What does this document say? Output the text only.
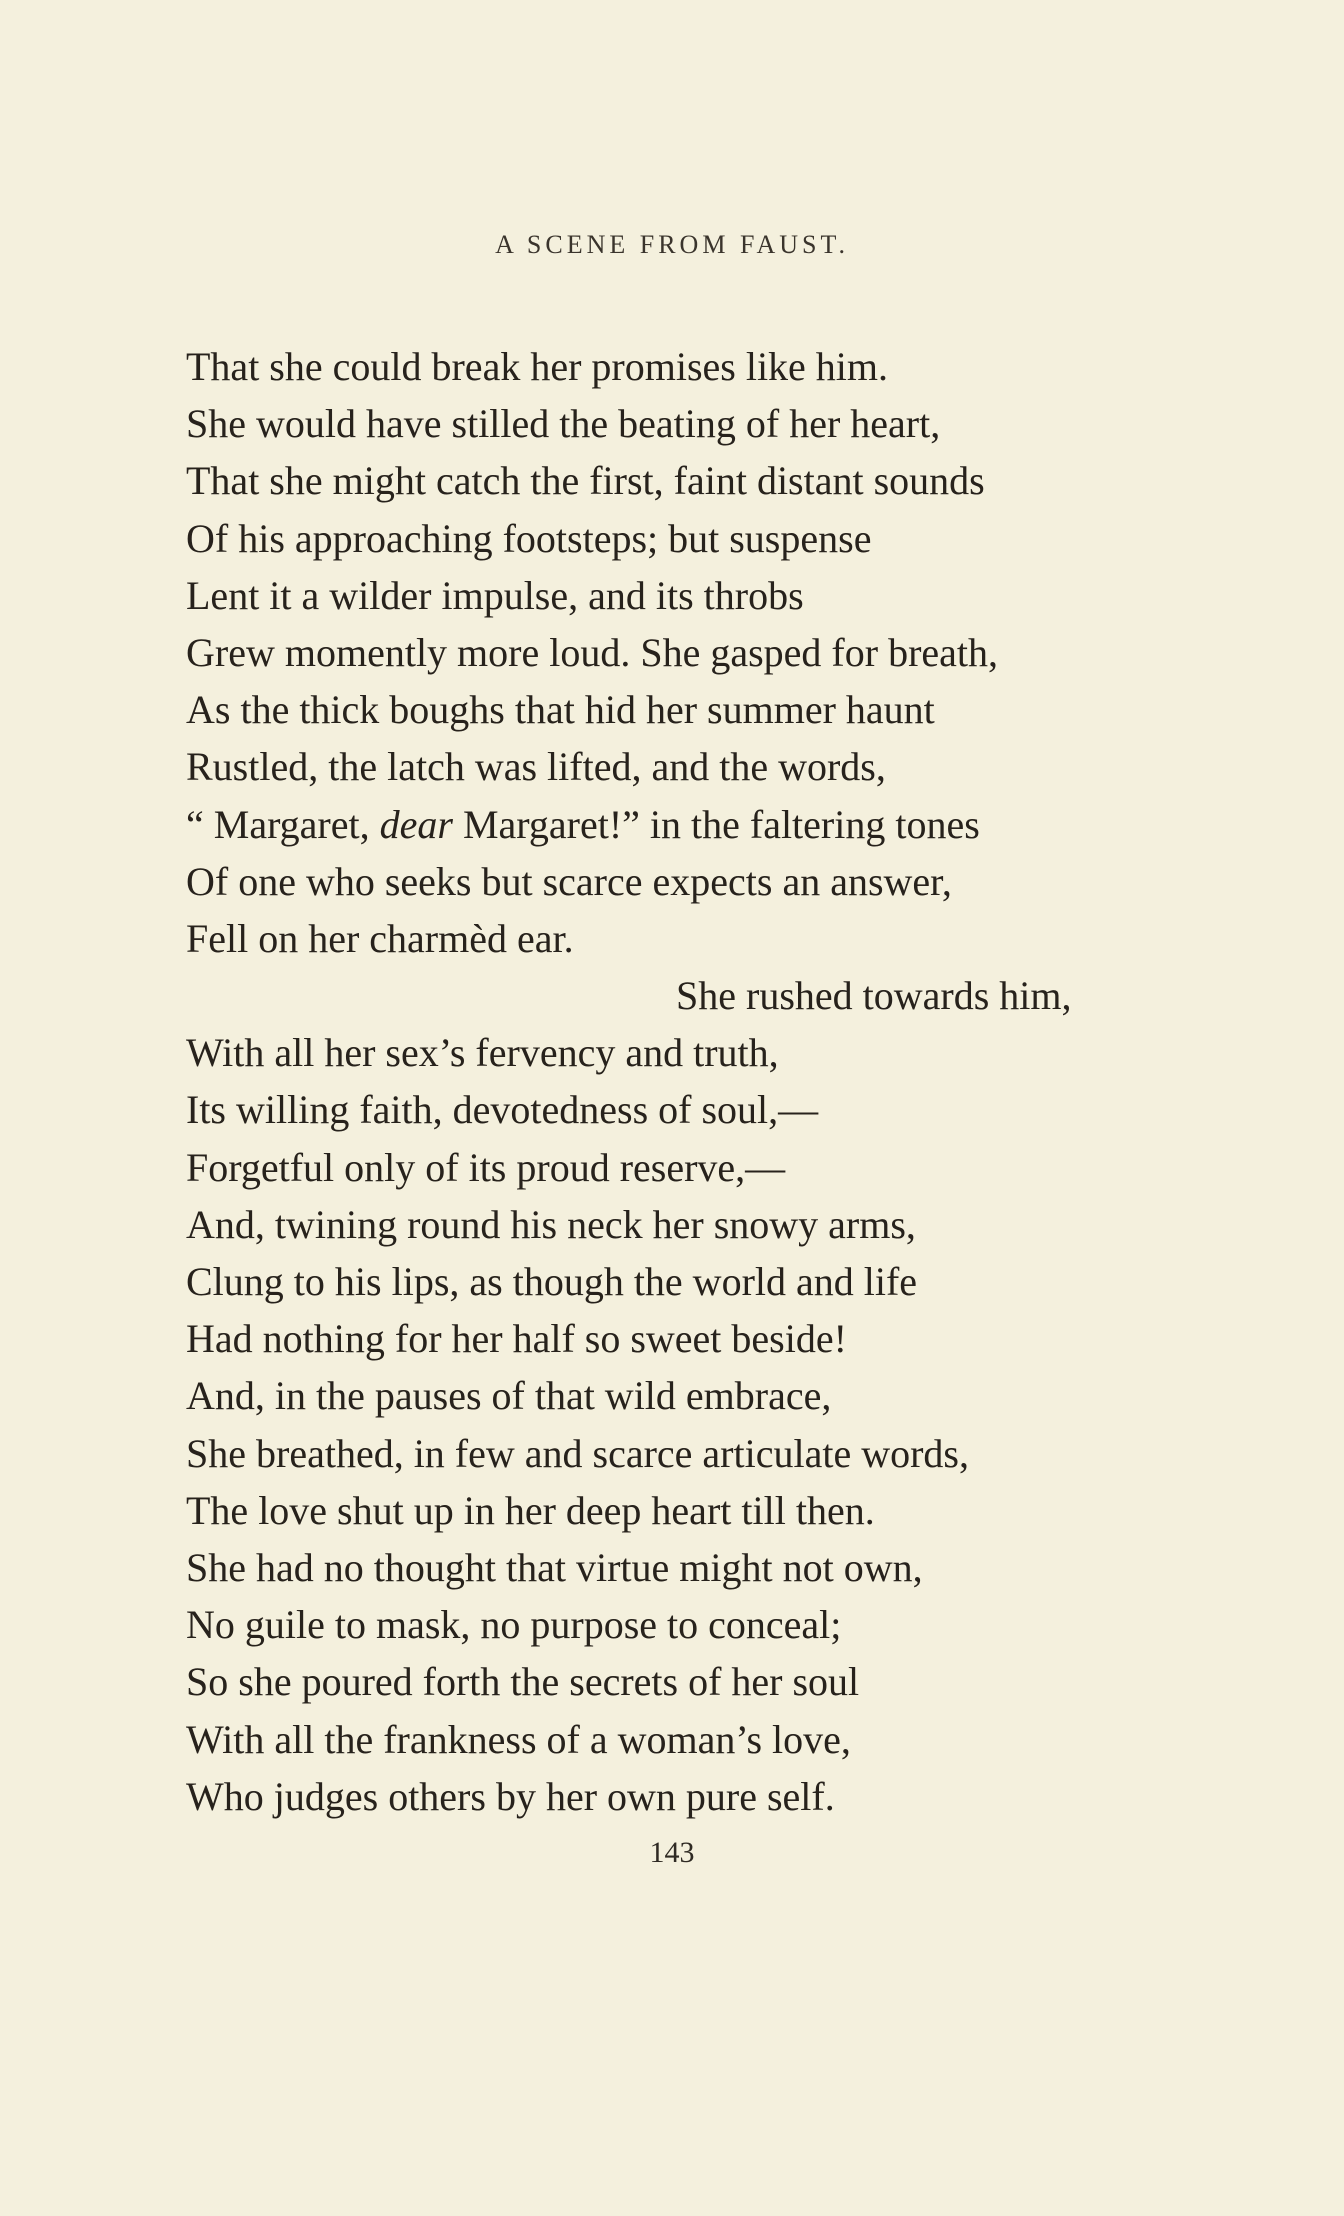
A SCENE FROM FAUST.
That she could break her promises like him.
She would have stilled the beating of her heart,
That she might catch the first, faint distant sounds
Of his approaching footsteps; but suspense
Lent it a wilder impulse, and its throbs
Grew momently more loud. She gasped for breath,
As the thick boughs that hid her summer haunt
Rustled, the latch was lifted, and the words,
“ Margaret, dear Margaret!” in the faltering tones
Of one who seeks but scarce expects an answer,
Fell on her charmèd ear.
She rushed towards him,
With all her sex’s fervency and truth,
Its willing faith, devotedness of soul,—
Forgetful only of its proud reserve,—
And, twining round his neck her snowy arms,
Clung to his lips, as though the world and life
Had nothing for her half so sweet beside!
And, in the pauses of that wild embrace,
She breathed, in few and scarce articulate words,
The love shut up in her deep heart till then.
She had no thought that virtue might not own,
No guile to mask, no purpose to conceal;
So she poured forth the secrets of her soul
With all the frankness of a woman’s love,
Who judges others by her own pure self.
143
